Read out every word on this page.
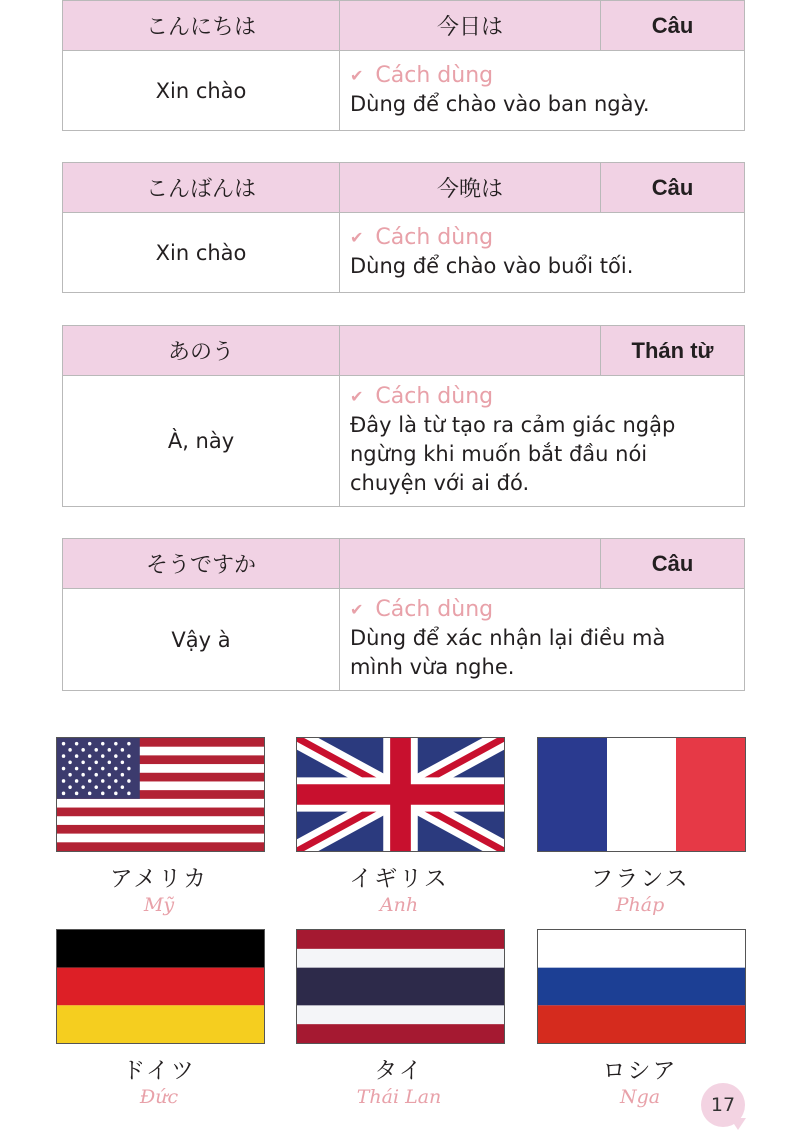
こんにちは	今日は	Câu
Xin chào	✔ Cách dùng
Dùng để chào vào ban ngày.	
こんばんは	今晩は	Câu
Xin chào	✔ Cách dùng
Dùng để chào vào buổi tối.	
あのう		Thán từ
À, này	✔ Cách dùng
Đây là từ tạo ra cảm giác ngập
ngừng khi muốn bắt đầu nói
chuyện với ai đó.	
そうですか		Câu
Vậy à	✔ Cách dùng
Dùng để xác nhận lại điều mà
mình vừa nghe.	
アメリカ
Mỹ
イギリス
Anh
フランス
Pháp
ドイツ
Đức
タイ
Thái Lan
ロシア
Nga	17
